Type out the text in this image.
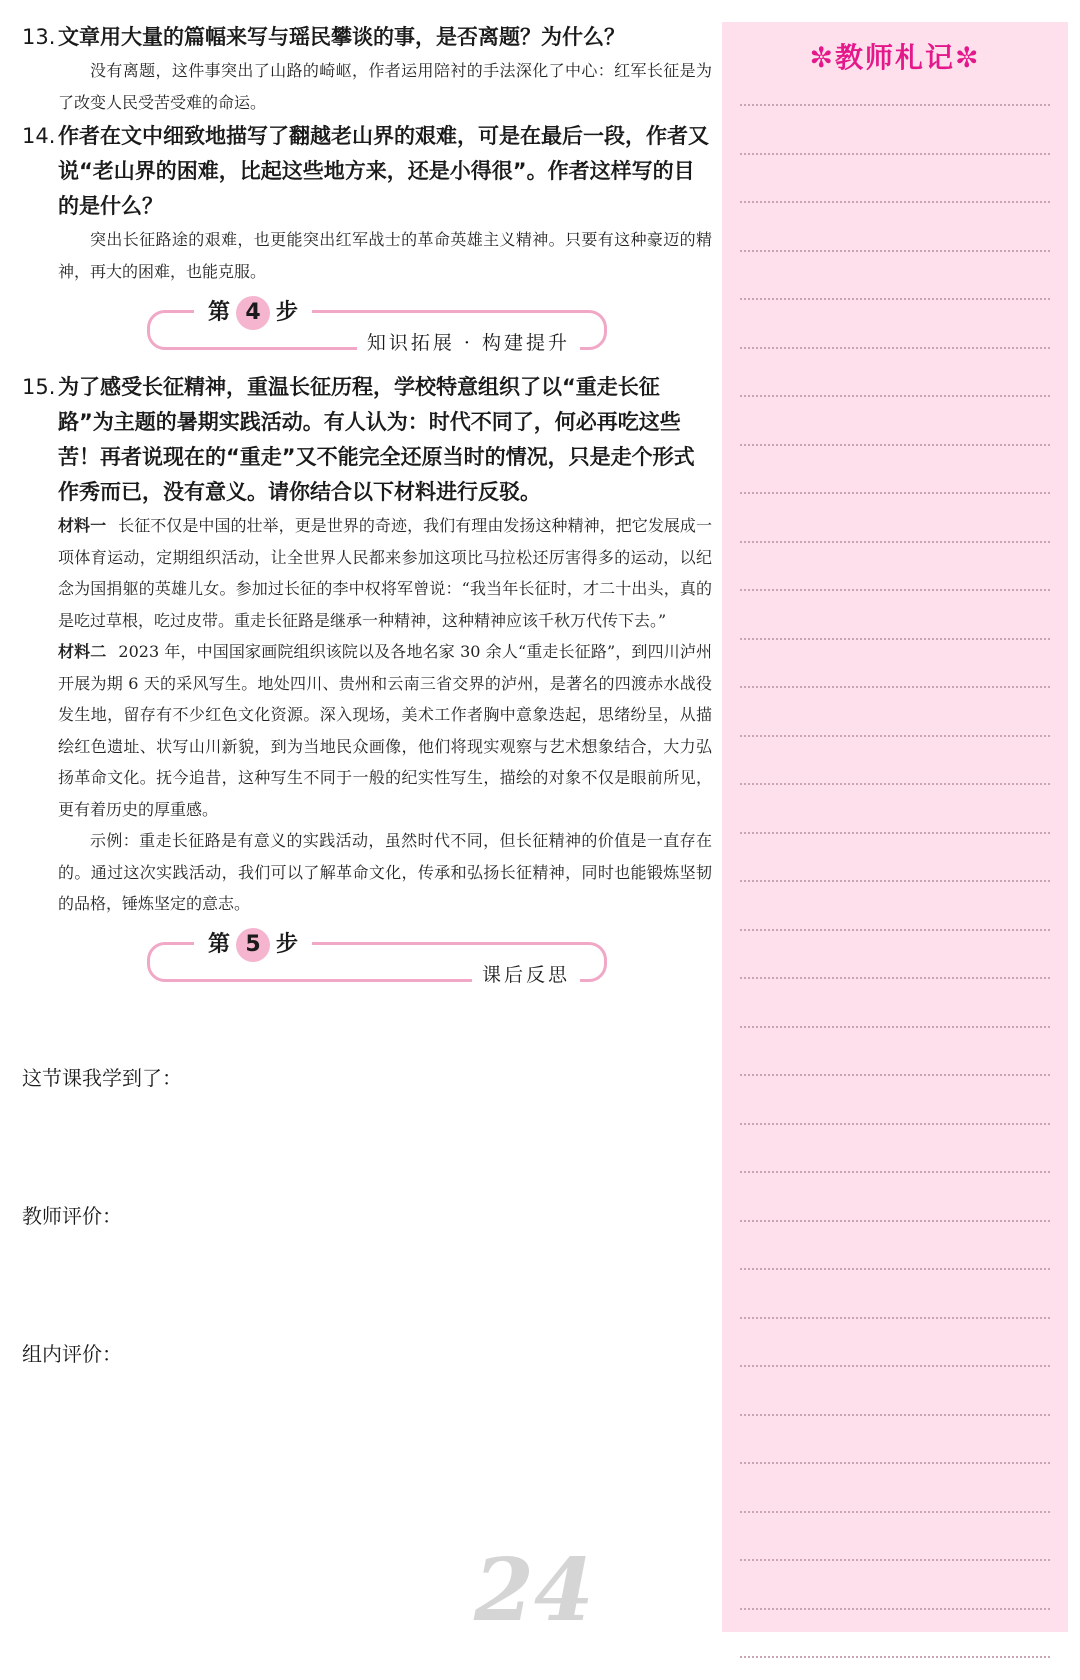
13. 文章用大量的篇幅来写与瑶民攀谈的事，是否离题？为什么？
没有离题，这件事突出了山路的崎岖，作者运用陪衬的手法深化了中心：红军长征是为了改变人民受苦受难的命运。
14. 作者在文中细致地描写了翻越老山界的艰难，可是在最后一段，作者又说“老山界的困难，比起这些地方来，还是小得很”。作者这样写的目的是什么？
突出长征路途的艰难，也更能突出红军战士的革命英雄主义精神。只要有这种豪迈的精神，再大的困难，也能克服。
第 4 步
知识拓展 · 构建提升
15. 为了感受长征精神，重温长征历程，学校特意组织了以“重走长征路”为主题的暑期实践活动。有人认为：时代不同了，何必再吃这些苦！再者说现在的“重走”又不能完全还原当时的情况，只是走个形式作秀而已，没有意义。请你结合以下材料进行反驳。
材料一 长征不仅是中国的壮举，更是世界的奇迹，我们有理由发扬这种精神，把它发展成一项体育运动，定期组织活动，让全世界人民都来参加这项比马拉松还厉害得多的运动，以纪念为国捐躯的英雄儿女。参加过长征的李中权将军曾说：“我当年长征时，才二十出头，真的是吃过草根，吃过皮带。重走长征路是继承一种精神，这种精神应该千秋万代传下去。”
材料二 2023 年，中国国家画院组织该院以及各地名家 30 余人“重走长征路”，到四川泸州开展为期 6 天的采风写生。地处四川、贵州和云南三省交界的泸州，是著名的四渡赤水战役发生地，留存有不少红色文化资源。深入现场，美术工作者胸中意象迭起，思绪纷呈，从描绘红色遗址、状写山川新貌，到为当地民众画像，他们将现实观察与艺术想象结合，大力弘扬革命文化。抚今追昔，这种写生不同于一般的纪实性写生，描绘的对象不仅是眼前所见，更有着历史的厚重感。
示例：重走长征路是有意义的实践活动，虽然时代不同，但长征精神的价值是一直存在的。通过这次实践活动，我们可以了解革命文化，传承和弘扬长征精神，同时也能锻炼坚韧的品格，锤炼坚定的意志。
第 5 步
课后反思
这节课我学到了：
教师评价：
组内评价：
24
✼教师札记✼
